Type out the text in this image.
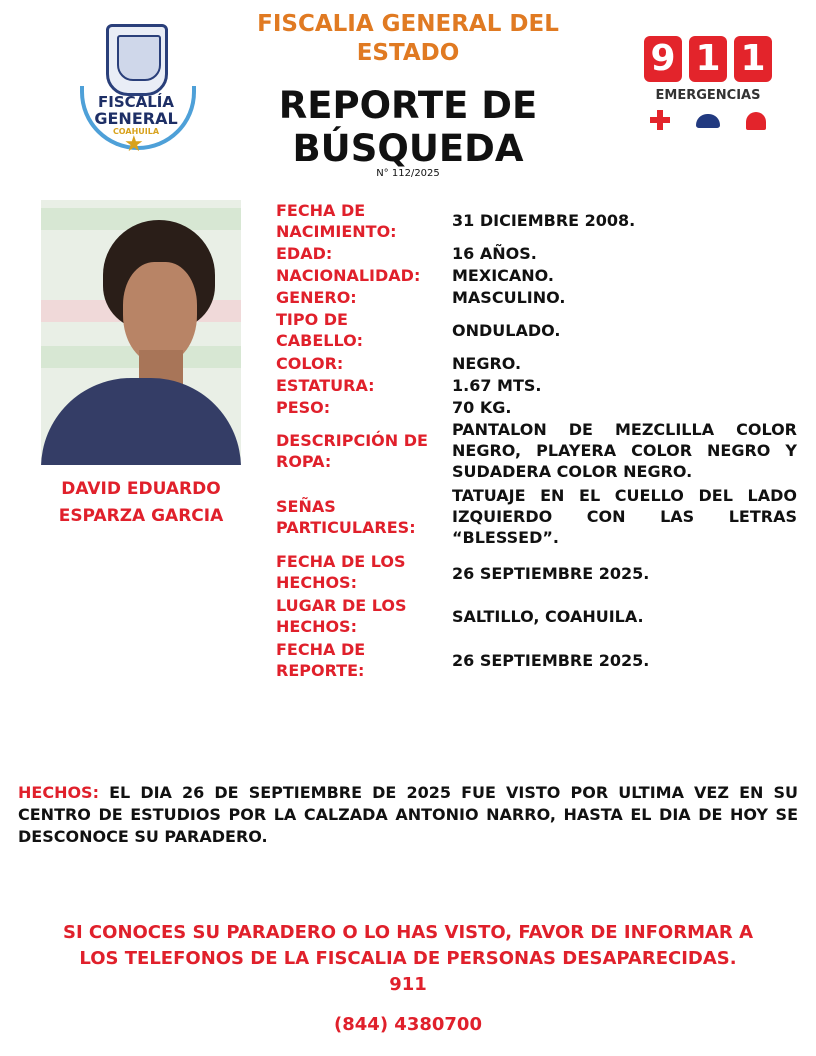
FISCALÍA
GENERAL
COAHUILA
★
FISCALIA GENERAL DEL
ESTADO
REPORTE DE
BÚSQUEDA
N° 112/2025
9 1 1
EMERGENCIAS
DAVID EDUARDO
ESPARZA GARCIA
FECHA DE
NACIMIENTO:
31 DICIEMBRE 2008.
EDAD:	16 AÑOS.
NACIONALIDAD:	MEXICANO.
GENERO:	MASCULINO.
TIPO DE
CABELLO:
ONDULADO.
COLOR:	NEGRO.
ESTATURA:	1.67 MTS.
PESO:	70 KG.
DESCRIPCIÓN DE
ROPA:
PANTALON DE MEZCLILLA COLOR NEGRO, PLAYERA COLOR NEGRO Y SUDADERA COLOR NEGRO.
SEÑAS
PARTICULARES:
TATUAJE EN EL CUELLO DEL LADO IZQUIERDO CON LAS LETRAS “BLESSED”.
FECHA DE LOS
HECHOS:	26 SEPTIEMBRE 2025.
LUGAR DE LOS
HECHOS:
SALTILLO, COAHUILA.
FECHA DE
REPORTE:
26 SEPTIEMBRE 2025.
HECHOS: EL DIA 26 DE SEPTIEMBRE DE 2025 FUE VISTO POR ULTIMA VEZ EN SU CENTRO DE ESTUDIOS POR LA CALZADA ANTONIO NARRO, HASTA EL DIA DE HOY SE DESCONOCE SU PARADERO.
SI CONOCES SU PARADERO O LO HAS VISTO, FAVOR DE INFORMAR A
LOS TELEFONOS DE LA FISCALIA DE PERSONAS DESAPARECIDAS.
911
(844) 4380700
